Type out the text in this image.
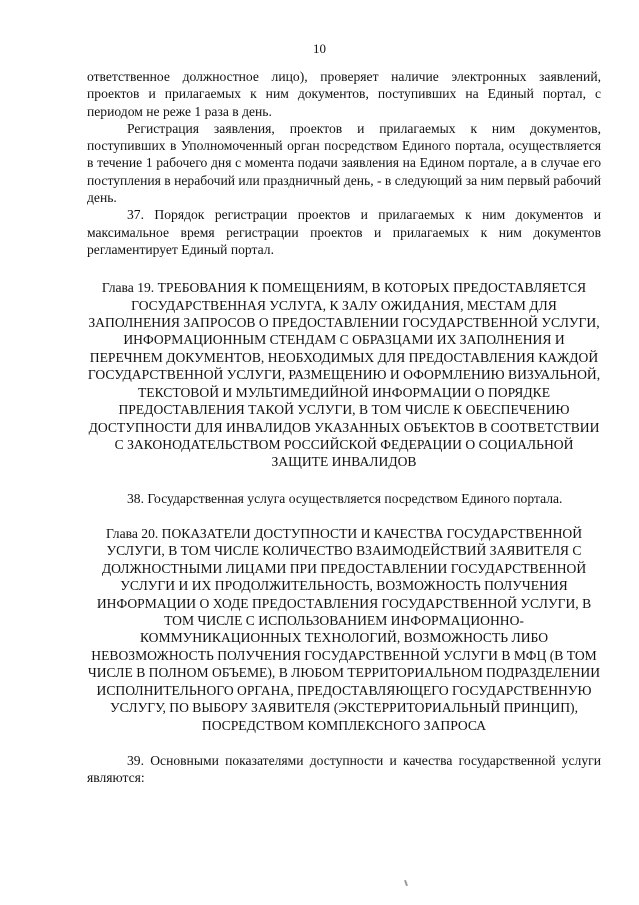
10

ответственное должностное лицо), проверяет наличие электронных заявлений, проектов и прилагаемых к ним документов, поступивших на Единый портал, с периодом не реже 1 раза в день.

Регистрация заявления, проектов и прилагаемых к ним документов, поступивших в Уполномоченный орган посредством Единого портала, осуществляется в течение 1 рабочего дня с момента подачи заявления на Едином портале, а в случае его поступления в нерабочий или праздничный день, - в следующий за ним первый рабочий день.

37. Порядок регистрации проектов и прилагаемых к ним документов и максимальное время регистрации проектов и прилагаемых к ним документов регламентирует Единый портал.

Глава 19. ТРЕБОВАНИЯ К ПОМЕЩЕНИЯМ, В КОТОРЫХ ПРЕДОСТАВЛЯЕТСЯ ГОСУДАРСТВЕННАЯ УСЛУГА, К ЗАЛУ ОЖИДАНИЯ, МЕСТАМ ДЛЯ ЗАПОЛНЕНИЯ ЗАПРОСОВ О ПРЕДОСТАВЛЕНИИ ГОСУДАРСТВЕННОЙ УСЛУГИ, ИНФОРМАЦИОННЫМ СТЕНДАМ С ОБРАЗЦАМИ ИХ ЗАПОЛНЕНИЯ И ПЕРЕЧНЕМ ДОКУМЕНТОВ, НЕОБХОДИМЫХ ДЛЯ ПРЕДОСТАВЛЕНИЯ КАЖДОЙ ГОСУДАРСТВЕННОЙ УСЛУГИ, РАЗМЕЩЕНИЮ И ОФОРМЛЕНИЮ ВИЗУАЛЬНОЙ, ТЕКСТОВОЙ И МУЛЬТИМЕДИЙНОЙ ИНФОРМАЦИИ О ПОРЯДКЕ ПРЕДОСТАВЛЕНИЯ ТАКОЙ УСЛУГИ, В ТОМ ЧИСЛЕ К ОБЕСПЕЧЕНИЮ ДОСТУПНОСТИ ДЛЯ ИНВАЛИДОВ УКАЗАННЫХ ОБЪЕКТОВ В СООТВЕТСТВИИ С ЗАКОНОДАТЕЛЬСТВОМ РОССИЙСКОЙ ФЕДЕРАЦИИ О СОЦИАЛЬНОЙ ЗАЩИТЕ ИНВАЛИДОВ

38. Государственная услуга осуществляется посредством Единого портала.

Глава 20. ПОКАЗАТЕЛИ ДОСТУПНОСТИ И КАЧЕСТВА ГОСУДАРСТВЕННОЙ УСЛУГИ, В ТОМ ЧИСЛЕ КОЛИЧЕСТВО ВЗАИМОДЕЙСТВИЙ ЗАЯВИТЕЛЯ С ДОЛЖНОСТНЫМИ ЛИЦАМИ ПРИ ПРЕДОСТАВЛЕНИИ ГОСУДАРСТВЕННОЙ УСЛУГИ И ИХ ПРОДОЛЖИТЕЛЬНОСТЬ, ВОЗМОЖНОСТЬ ПОЛУЧЕНИЯ ИНФОРМАЦИИ О ХОДЕ ПРЕДОСТАВЛЕНИЯ ГОСУДАРСТВЕННОЙ УСЛУГИ, В ТОМ ЧИСЛЕ С ИСПОЛЬЗОВАНИЕМ ИНФОРМАЦИОННО-КОММУНИКАЦИОННЫХ ТЕХНОЛОГИЙ, ВОЗМОЖНОСТЬ ЛИБО НЕВОЗМОЖНОСТЬ ПОЛУЧЕНИЯ ГОСУДАРСТВЕННОЙ УСЛУГИ В МФЦ (В ТОМ ЧИСЛЕ В ПОЛНОМ ОБЪЕМЕ), В ЛЮБОМ ТЕРРИТОРИАЛЬНОМ ПОДРАЗДЕЛЕНИИ ИСПОЛНИТЕЛЬНОГО ОРГАНА, ПРЕДОСТАВЛЯЮЩЕГО ГОСУДАРСТВЕННУЮ УСЛУГУ, ПО ВЫБОРУ ЗАЯВИТЕЛЯ (ЭКСТЕРРИТОРИАЛЬНЫЙ ПРИНЦИП), ПОСРЕДСТВОМ КОМПЛЕКСНОГО ЗАПРОСА

39. Основными показателями доступности и качества государственной услуги являются:
